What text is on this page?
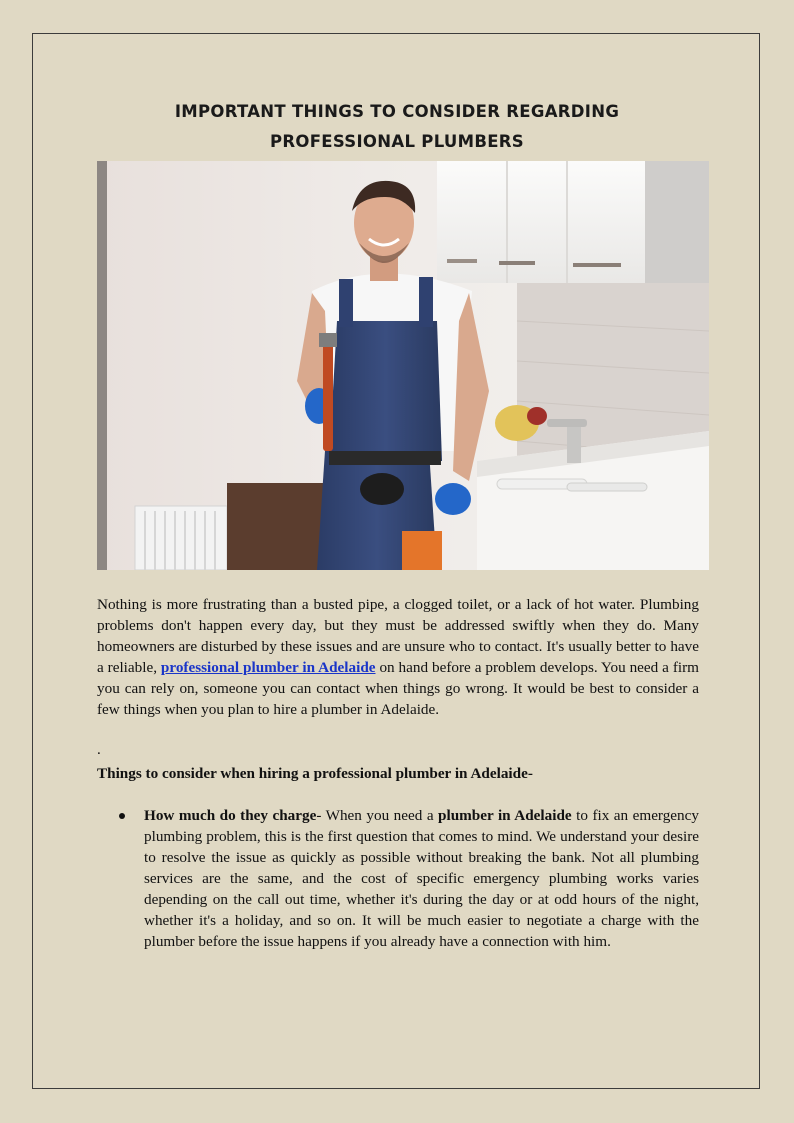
IMPORTANT THINGS TO CONSIDER REGARDING
PROFESSIONAL PLUMBERS

Nothing is more frustrating than a busted pipe, a clogged toilet, or a lack of hot water. Plumbing problems don't happen every day, but they must be addressed swiftly when they do. Many homeowners are disturbed by these issues and are unsure who to contact. It's usually better to have a reliable, professional plumber in Adelaide on hand before a problem develops. You need a firm you can rely on, someone you can contact when things go wrong. It would be best to consider a few things when you plan to hire a plumber in Adelaide.

.

Things to consider when hiring a professional plumber in Adelaide-

How much do they charge- When you need a plumber in Adelaide to fix an emergency plumbing problem, this is the first question that comes to mind. We understand your desire to resolve the issue as quickly as possible without breaking the bank. Not all plumbing services are the same, and the cost of specific emergency plumbing works varies depending on the call out time, whether it's during the day or at odd hours of the night, whether it's a holiday, and so on. It will be much easier to negotiate a charge with the plumber before the issue happens if you already have a connection with him.
